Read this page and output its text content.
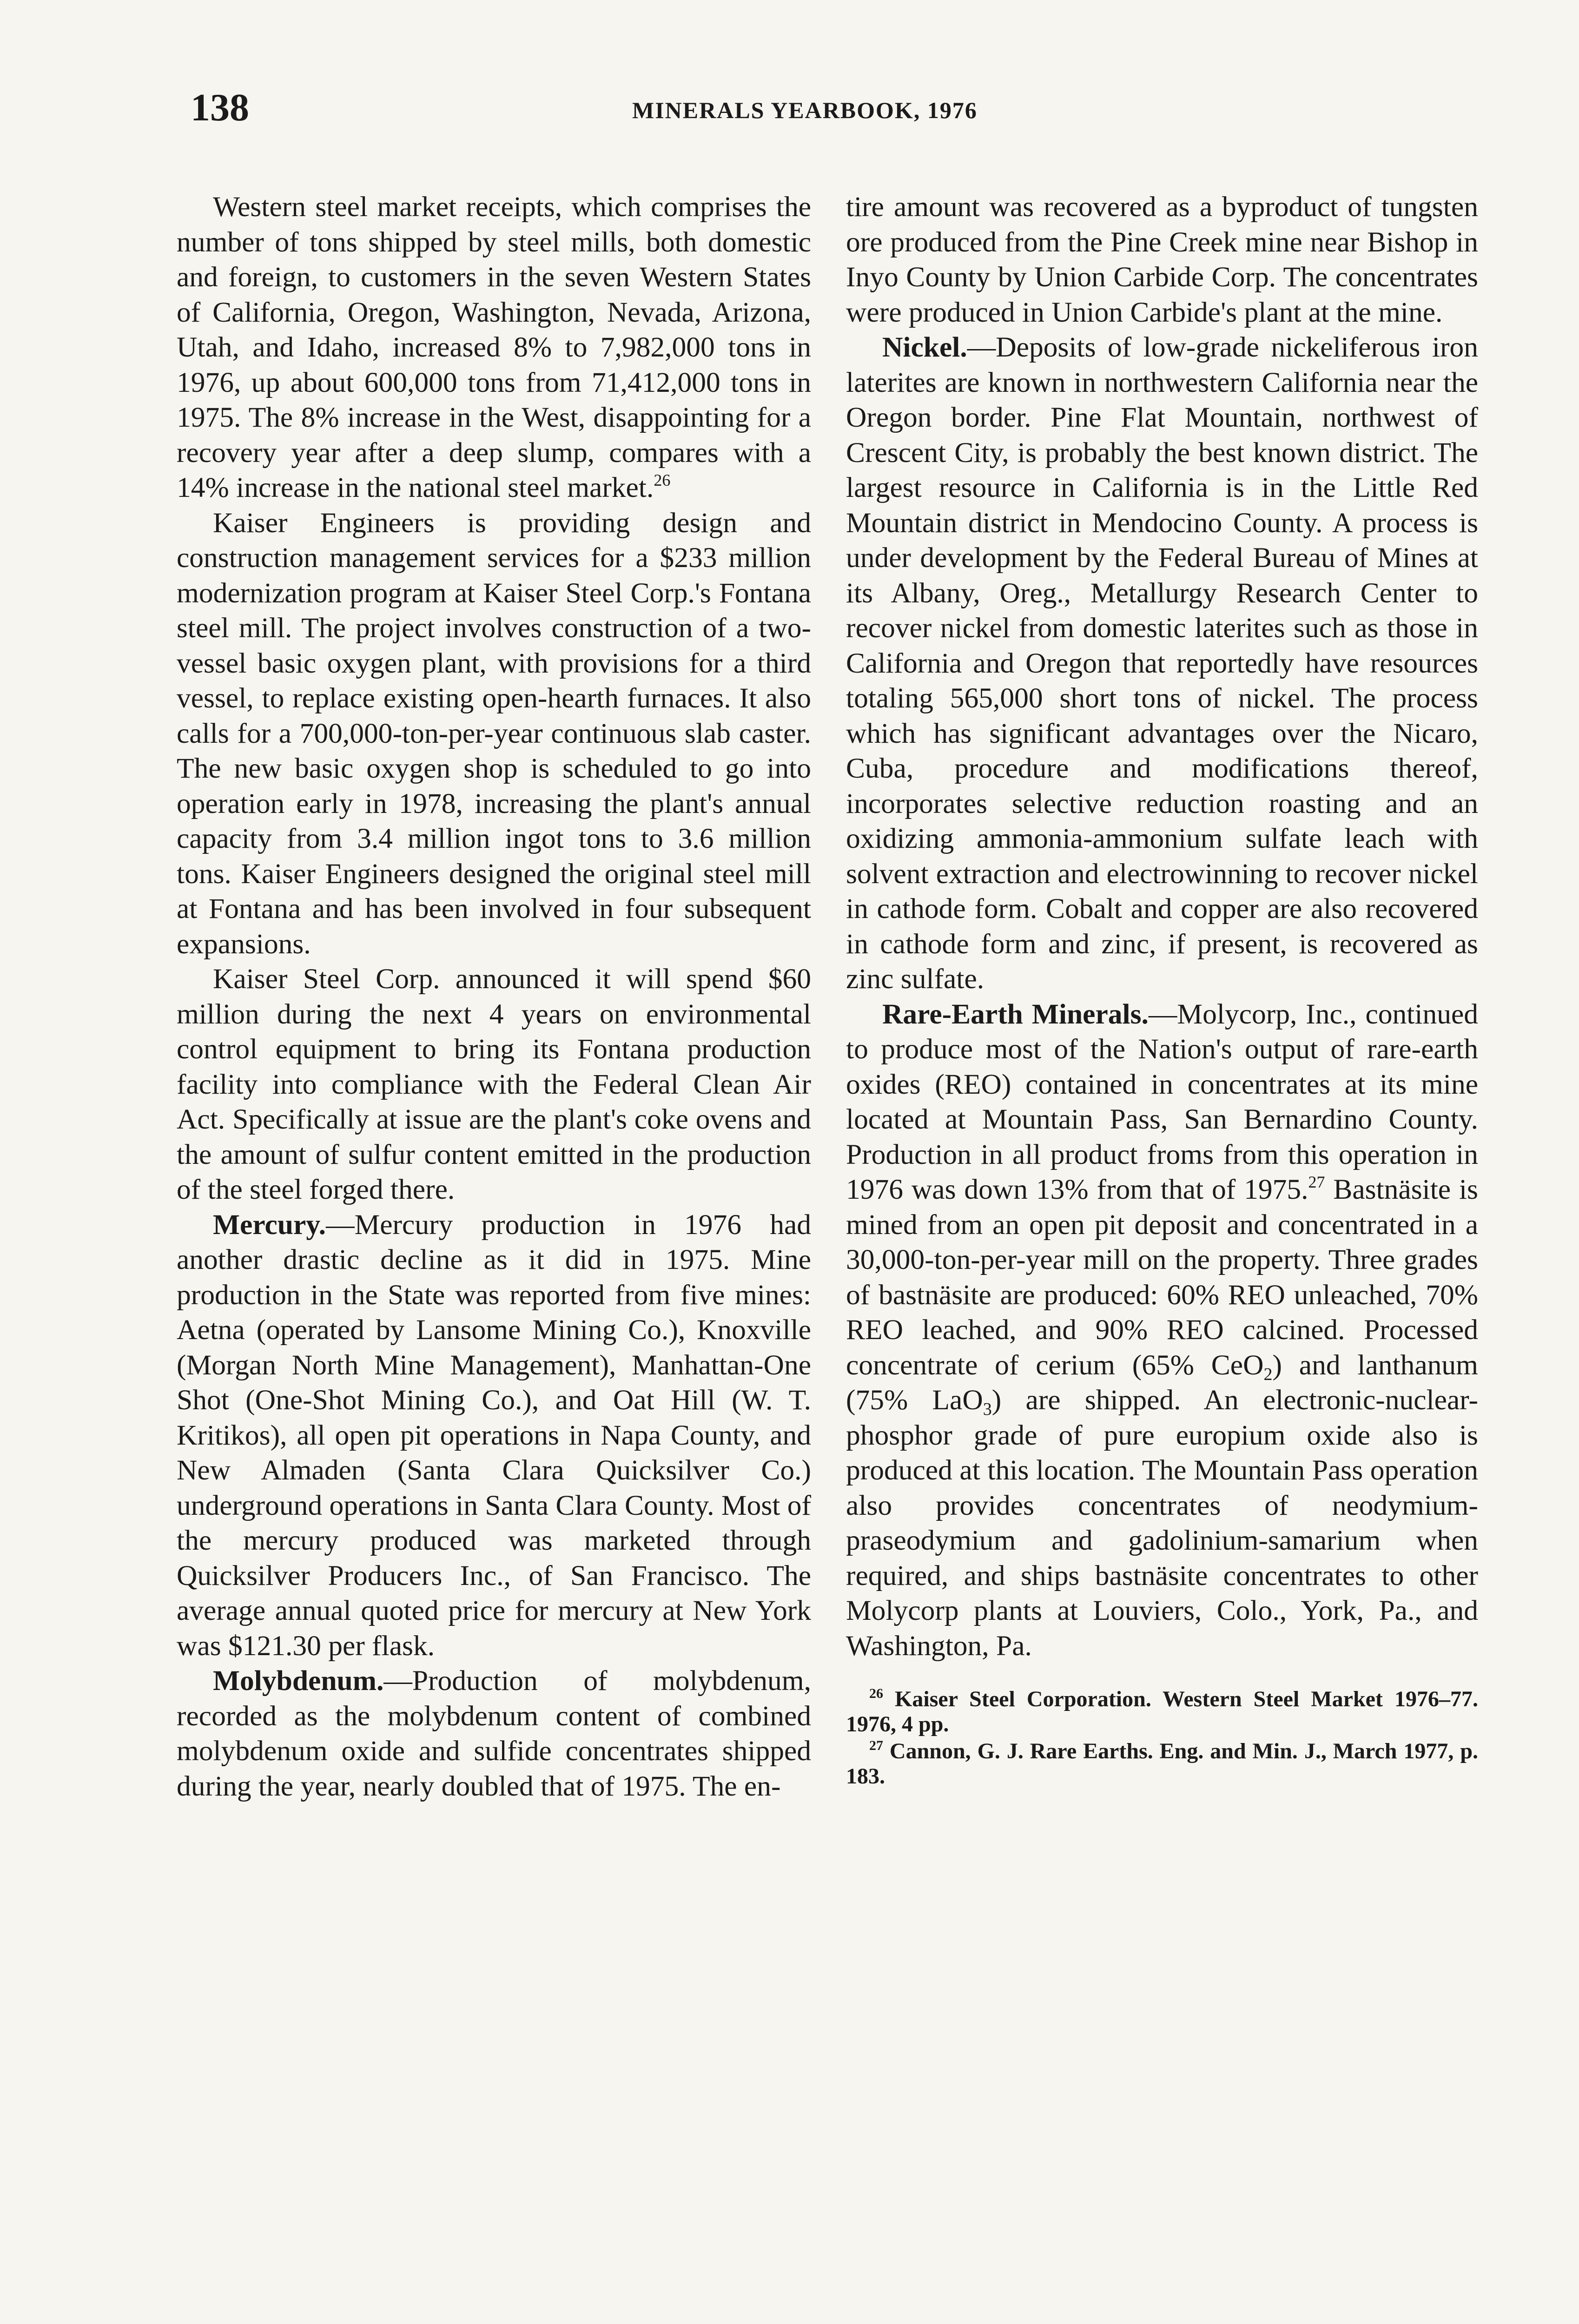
138	MINERALS YEARBOOK, 1976

Western steel market receipts, which comprises the number of tons shipped by steel mills, both domestic and foreign, to customers in the seven Western States of California, Oregon, Washington, Nevada, Arizona, Utah, and Idaho, increased 8% to 7,982,000 tons in 1976, up about 600,000 tons from 71,412,000 tons in 1975. The 8% increase in the West, disappointing for a recovery year after a deep slump, compares with a 14% increase in the national steel market.$^{26}$

Kaiser Engineers is providing design and construction management services for a $233 million modernization program at Kaiser Steel Corp.'s Fontana steel mill. The project involves construction of a two-vessel basic oxygen plant, with provisions for a third vessel, to replace existing open-hearth furnaces. It also calls for a 700,000-ton-per-year continuous slab caster. The new basic oxygen shop is scheduled to go into operation early in 1978, increasing the plant's annual capacity from 3.4 million ingot tons to 3.6 million tons. Kaiser Engineers designed the original steel mill at Fontana and has been involved in four subsequent expansions.

Kaiser Steel Corp. announced it will spend $60 million during the next 4 years on environmental control equipment to bring its Fontana production facility into compliance with the Federal Clean Air Act. Specifically at issue are the plant's coke ovens and the amount of sulfur content emitted in the production of the steel forged there.

Mercury.—Mercury production in 1976 had another drastic decline as it did in 1975. Mine production in the State was reported from five mines: Aetna (operated by Lansome Mining Co.), Knoxville (Morgan North Mine Management), Manhattan-One Shot (One-Shot Mining Co.), and Oat Hill (W. T. Kritikos), all open pit operations in Napa County, and New Almaden (Santa Clara Quicksilver Co.) underground operations in Santa Clara County. Most of the mercury produced was marketed through Quicksilver Producers Inc., of San Francisco. The average annual quoted price for mercury at New York was $121.30 per flask.

Molybdenum.—Production of molybdenum, recorded as the molybdenum content of combined molybdenum oxide and sulfide concentrates shipped during the year, nearly doubled that of 1975. The en-

tire amount was recovered as a byproduct of tungsten ore produced from the Pine Creek mine near Bishop in Inyo County by Union Carbide Corp. The concentrates were produced in Union Carbide's plant at the mine.

Nickel.—Deposits of low-grade nickeliferous iron laterites are known in northwestern California near the Oregon border. Pine Flat Mountain, northwest of Crescent City, is probably the best known district. The largest resource in California is in the Little Red Mountain district in Mendocino County. A process is under development by the Federal Bureau of Mines at its Albany, Oreg., Metallurgy Research Center to recover nickel from domestic laterites such as those in California and Oregon that reportedly have resources totaling 565,000 short tons of nickel. The process which has significant advantages over the Nicaro, Cuba, procedure and modifications thereof, incorporates selective reduction roasting and an oxidizing ammonia-ammonium sulfate leach with solvent extraction and electrowinning to recover nickel in cathode form. Cobalt and copper are also recovered in cathode form and zinc, if present, is recovered as zinc sulfate.

Rare-Earth Minerals.—Molycorp, Inc., continued to produce most of the Nation's output of rare-earth oxides (REO) contained in concentrates at its mine located at Mountain Pass, San Bernardino County. Production in all product froms from this operation in 1976 was down 13% from that of 1975.27 Bastnäsite is mined from an open pit deposit and concentrated in a 30,000-ton-per-year mill on the property. Three grades of bastnäsite are produced: 60% REO unleached, 70% REO leached, and 90% REO calcined. Processed concentrate of cerium (65% CeO$_2$) and lanthanum (75% LaO$_3$) are shipped. An electronic-nuclear-phosphor grade of pure europium oxide also is produced at this location. The Mountain Pass operation also provides concentrates of neodymium-praseodymium and gadolinium-samarium when required, and ships bastnäsite concentrates to other Molycorp plants at Louviers, Colo., York, Pa., and Washington, Pa.

$^{26}$ Kaiser Steel Corporation. Western Steel Market 1976–77. 1976, 4 pp.

$^{27}$ Cannon, G. J. Rare Earths. Eng. and Min. J., March 1977, p. 183.
